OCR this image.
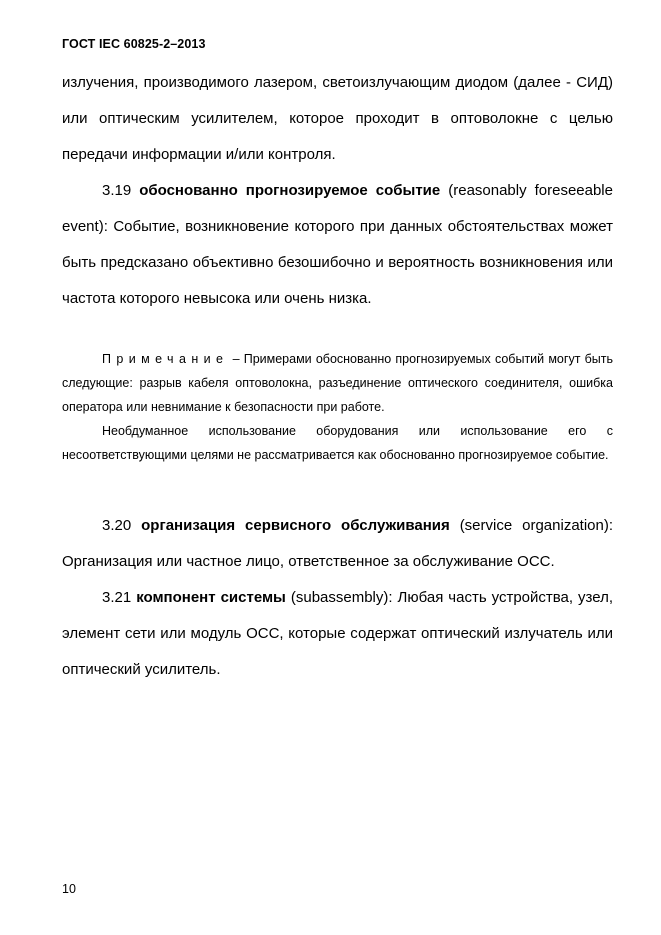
ГОСТ IEC 60825-2–2013

излучения, производимого лазером, светоизлучающим диодом (далее - СИД) или оптическим усилителем, которое проходит в оптоволокне с целью передачи информации и/или контроля.

3.19 обоснованно прогнозируемое событие (reasonably foreseeable event): Событие, возникновение которого при данных обстоятельствах может быть предсказано объективно безошибочно и вероятность возникновения или частота которого невысока или очень низка.

Примечание – Примерами обоснованно прогнозируемых событий могут быть следующие: разрыв кабеля оптоволокна, разъединение оптического соединителя, ошибка оператора или невнимание к безопасности при работе.

Необдуманное использование оборудования или использование его с несоответствующими целями не рассматривается как обоснованно прогнозируемое событие.

3.20 организация сервисного обслуживания (service organization): Организация или частное лицо, ответственное за обслуживание ОСС.

3.21 компонент системы (subassembly): Любая часть устройства, узел, элемент сети или модуль ОСС, которые содержат оптический излучатель или оптический усилитель.

10
